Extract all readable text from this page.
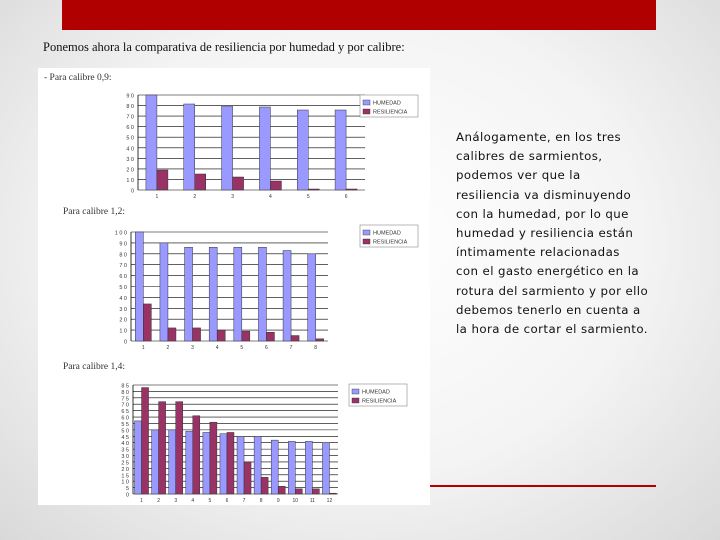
Ponemos ahora la comparativa de resiliencia por humedad y por calibre:
- Para calibre 0,9:
0
1 0
2 0
3 0
4 0
5 0
6 0
7 0
8 0
9 0
1	2	3	4	5	6
HUMEDAD
RESILIENCIA
Para calibre 1,2:
0
1 0
2 0
3 0
4 0
5 0
6 0
7 0
8 0
9 0
1 0 0
1	2	3	4	5	6	7	8
HUMEDAD
RESILIENCIA
Para calibre 1,4:
0
5
1 0
1 5
2 0
2 5
3 0
3 5
4 0
4 5
5 0
5 5
6 0
6 5
7 0
7 5
8 0
8 5
1	2	3	4	5	6	7	8	9	10 11 12
HUMEDAD
RESILIENCIA
Análogamente, en los tres
calibres de sarmientos,
podemos ver que la
resiliencia va disminuyendo
con la humedad, por lo que
humedad y resiliencia están
íntimamente relacionadas
con el gasto energético en la
rotura del sarmiento y por ello
debemos tenerlo en cuenta a
la hora de cortar el sarmiento.
